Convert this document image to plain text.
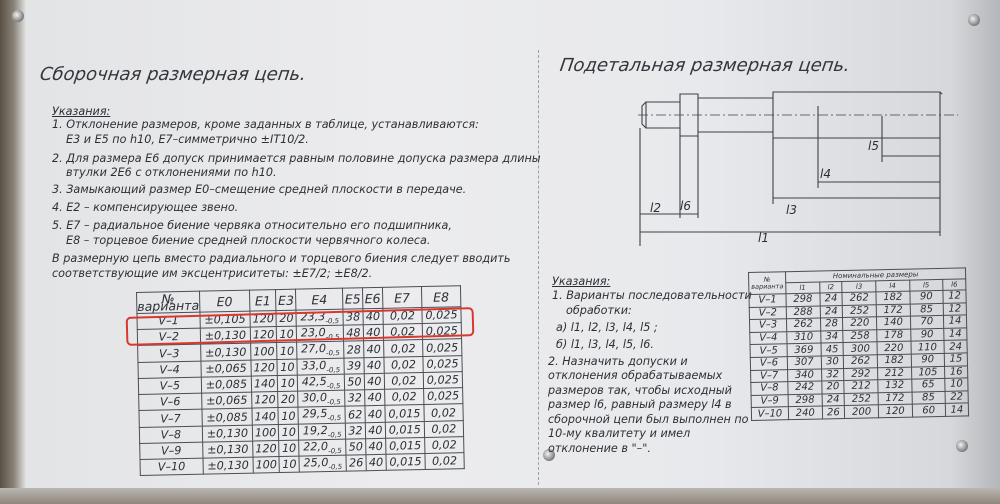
Сборочная размерная цепь.
Указания:
1. Отклонение размеров, кроме заданных в таблице, устанавливаются:
E3 и E5 по h10, E7–симметрично ±IT10/2.
2. Для размера E6 допуск принимается равным половине допуска размера длины
втулки 2E6 с отклонениями по h10.
3. Замыкающий размер E0–смещение средней плоскости в передаче.
4. E2 – компенсирующее звено.
5. E7 – радиальное биение червяка относительно его подшипника,
E8 – торцевое биение средней плоскости червячного колеса.
В размерную цепь вместо радиального и торцевого биения следует вводить
соответствующие им эксцентриситеты: ±E7/2; ±E8/2.
№ варианта	E0	E1	E3	E4	E5	E6	E7	E8
V–1	±0,105	120	20	$23,3_{-0,5}$	38	40	0,02	0,025
V–2	±0,130	120	10	$23,0_{-0,5}$	48	40	0,02	0,025
V–3	±0,130	100	10	$27,0_{-0,5}$	28	40	0,02	0,025
V–4	±0,065	120	10	$33,0_{-0,5}$	39	40	0,02	0,025
V–5	±0,085	140	10	$42,5_{-0,5}$	50	40	0,02	0,025
V–6	±0,065	120	20	$30,0_{-0,5}$	32	40	0,02	0,025
V–7	±0,085	140	10	$29,5_{-0,5}$	62	40	0,015	0,02
V–8	±0,130	100	10	$19,2_{-0,5}$	32	40	0,015	0,02
V–9	±0,130	120	10	$22,0_{-0,5}$	50	40	0,015	0,02
V–10	±0,130	100	10	$25,0_{-0,5}$	26	40	0,015	0,02
Подетальная размерная цепь.
l5
l4
l3
l2 l6
l1
Указания:
1. Варианты последовательности
обработки:
а) l1, l2, l3, l4, l5 ;
б) l1, l3, l4, l5, l6.
2. Назначить допуски и
отклонения обрабатываемых
размеров так, чтобы исходный
размер l6, равный размеру l4 в
сборочной цепи был выполнен по
10-му квалитету и имел
отклонение в "–".
№ варианта	Номинальные размеры					
	l1	l2	l3	l4	l5	l6
V–1	298	24	262	182	90	12
V–2	288	24	252	172	85	12
V–3	262	28	220	140	70	14
V–4	310	34	258	178	90	14
V–5	369	45	300	220	110	24
V–6	307	30	262	182	90	15
V–7	340	32	292	212	105	16
V–8	242	20	212	132	65	10
V–9	298	24	252	172	85	22
V–10	240	26	200	120	60	14
